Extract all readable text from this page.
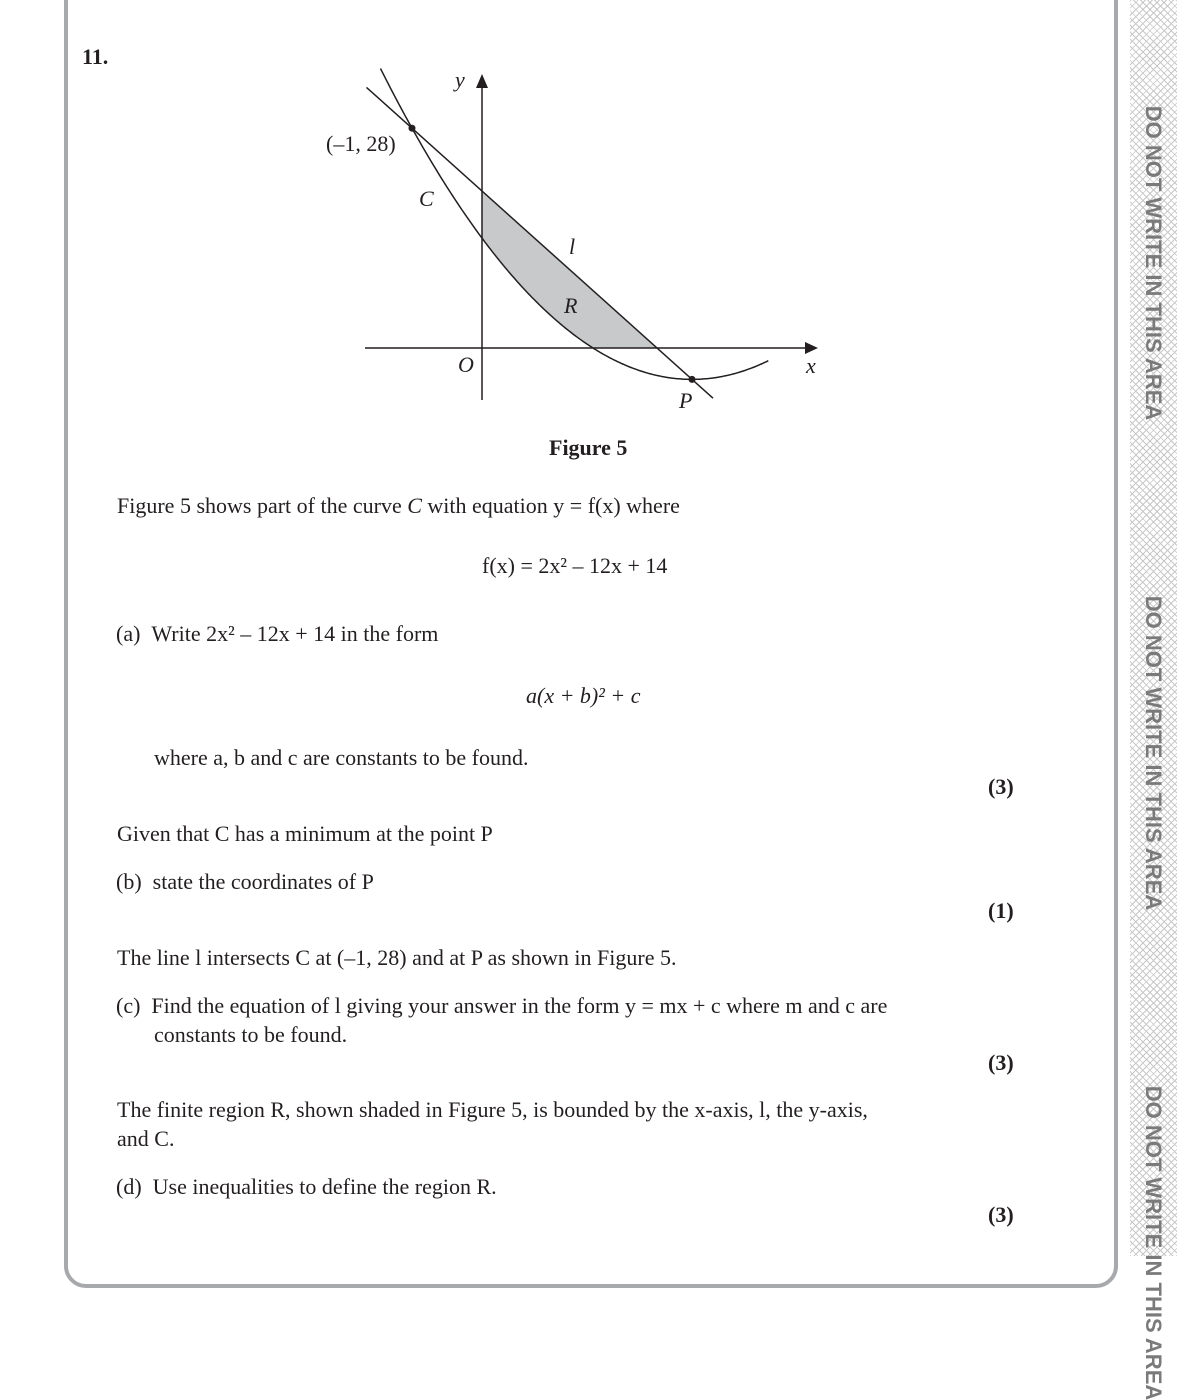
DO NOT WRITE IN THIS AREA
DO NOT WRITE IN THIS AREA
DO NOT WRITE IN THIS AREA
11.
y
x
O
(–1, 28)
C
l
R
P
Figure 5
Figure 5 shows part of the curve C with equation y = f(x) where
f(x) = 2x² – 12x + 14
(a) Write 2x² – 12x + 14 in the form
a(x + b)² + c
where a, b and c are constants to be found.
(3)
Given that C has a minimum at the point P
(b) state the coordinates of P
(1)
The line l intersects C at (–1, 28) and at P as shown in Figure 5.
(c) Find the equation of l giving your answer in the form y = mx + c where m and c are
constants to be found.
(3)
The finite region R, shown shaded in Figure 5, is bounded by the x-axis, l, the y-axis,
and C.
(d) Use inequalities to define the region R.
(3)
